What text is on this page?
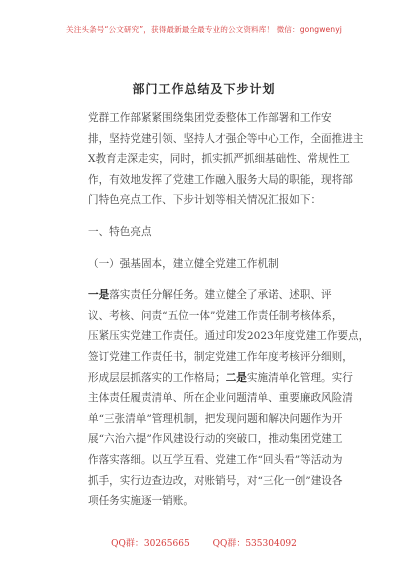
关注头条号“公文研究”，获得最新最全最专业的公文资料库！ 微信：gongwenyj
部门工作总结及下步计划
党群工作部紧紧围绕集团党委整体工作部署和工作安
排，坚持党建引领、坚持人才强企等中心工作，全面推进主
X教育走深走实，同时，抓实抓严抓细基础性、常规性工
作，有效地发挥了党建工作融入服务大局的职能，现将部
门特色亮点工作、下步计划等相关情况汇报如下：
一、特色亮点
（一）强基固本，建立健全党建工作机制
一是落实责任分解任务。建立健全了承诺、述职、评
议、考核、问责“五位一体”党建工作责任制考核体系，
压紧压实党建工作责任。通过印发2023年度党建工作要点，
签订党建工作责任书，制定党建工作年度考核评分细则，
形成层层抓落实的工作格局；二是实施清单化管理。实行
主体责任履责清单、所在企业问题清单、重要廉政风险清
单“三张清单”管理机制，把发现问题和解决问题作为开
展“六治六提”作风建设行动的突破口，推动集团党建工
作落实落细。以互学互看、党建工作“回头看”等活动为
抓手，实行边查边改，对账销号，对“三化一创”建设各
项任务实施逐一销账。
QQ群：30265665	QQ群：535304092
